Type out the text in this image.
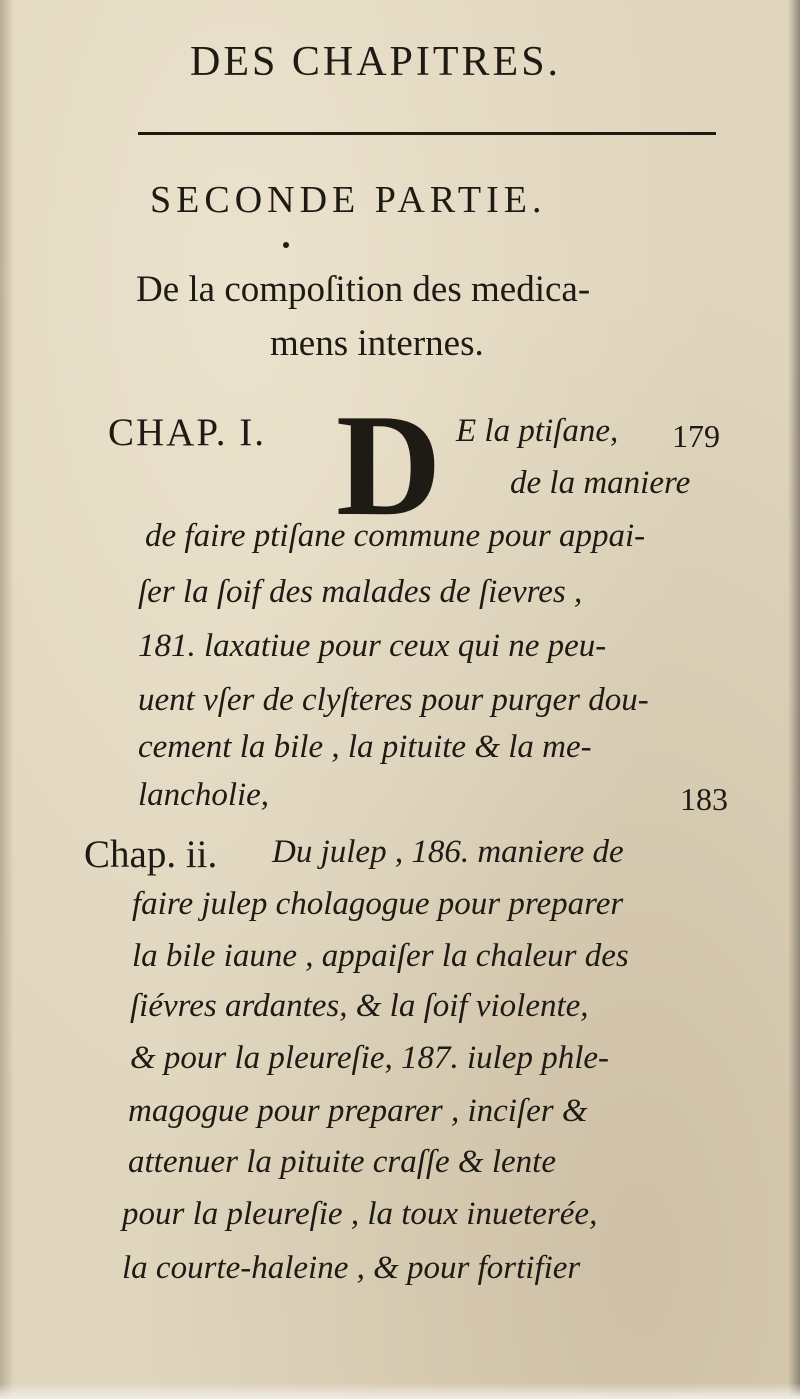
DES CHAPITRES.
SECONDE PARTIE.
De la compoſition des medica-
mens internes.
CHAP. I. D E la ptiſane, 179
de la maniere
de faire ptiſane commune pour appai-
ſer la ſoif des malades de ſievres ,
181. laxatiue pour ceux qui ne peu-
uent vſer de clyſteres pour purger dou-
cement la bile , la pituite & la me-
lancholie,	183
Chap. ii. Du julep , 186. maniere de
faire julep cholagogue pour preparer
la bile iaune , appaiſer la chaleur des
ſiévres ardantes, & la ſoif violente,
& pour la pleureſie, 187. iulep phle-
magogue pour preparer , inciſer &
attenuer la pituite craſſe & lente
pour la pleureſie , la toux inueterée,
la courte-haleine , & pour fortifier
